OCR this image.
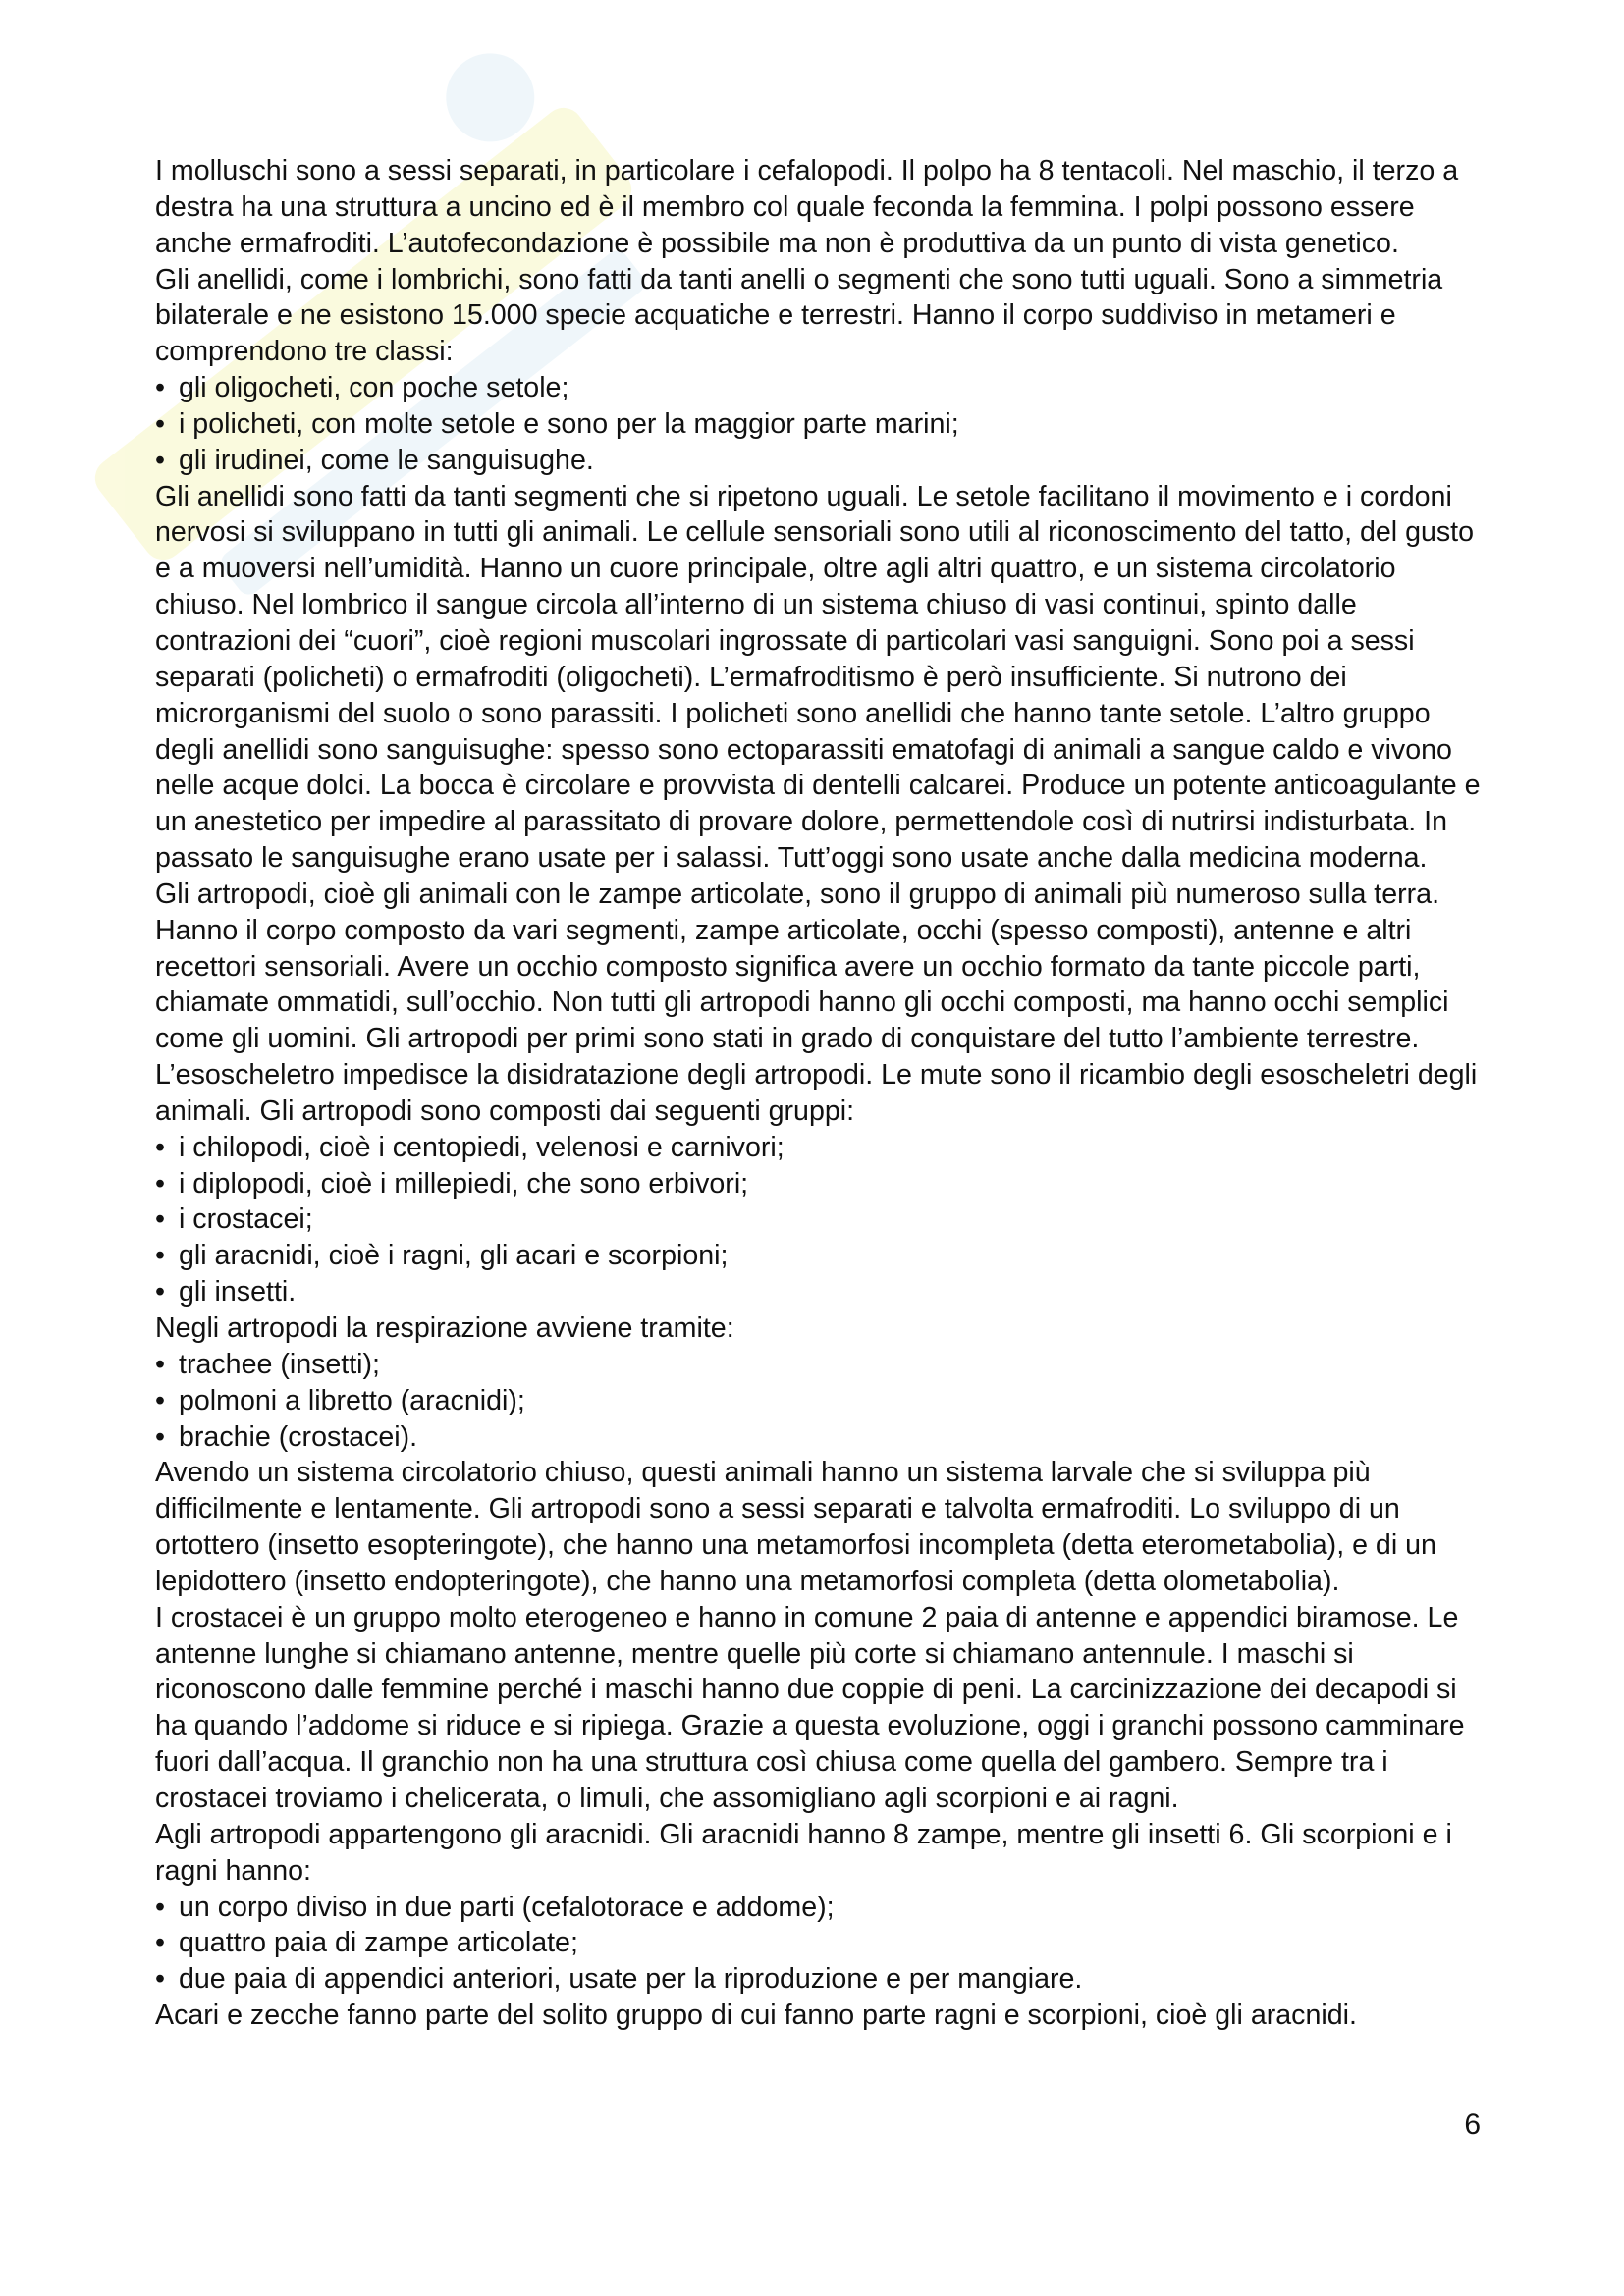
I molluschi sono a sessi separati, in particolare i cefalopodi. Il polpo ha 8 tentacoli. Nel maschio, il terzo a destra ha una struttura a uncino ed è il membro col quale feconda la femmina. I polpi possono essere anche ermafroditi. L’autofecondazione è possibile ma non è produttiva da un punto di vista genetico.

Gli anellidi, come i lombrichi, sono fatti da tanti anelli o segmenti che sono tutti uguali. Sono a simmetria bilaterale e ne esistono 15.000 specie acquatiche e terrestri. Hanno il corpo suddiviso in metameri e comprendono tre classi:

• gli oligocheti, con poche setole;
• i policheti, con molte setole e sono per la maggior parte marini;
• gli irudinei, come le sanguisughe.

Gli anellidi sono fatti da tanti segmenti che si ripetono uguali. Le setole facilitano il movimento e i cordoni nervosi si sviluppano in tutti gli animali. Le cellule sensoriali sono utili al riconoscimento del tatto, del gusto e a muoversi nell’umidità. Hanno un cuore principale, oltre agli altri quattro, e un sistema circolatorio chiuso. Nel lombrico il sangue circola all’interno di un sistema chiuso di vasi continui, spinto dalle contrazioni dei “cuori”, cioè regioni muscolari ingrossate di particolari vasi sanguigni. Sono poi a sessi separati (policheti) o ermafroditi (oligocheti). L’ermafroditismo è però insufficiente. Si nutrono dei microrganismi del suolo o sono parassiti. I policheti sono anellidi che hanno tante setole. L’altro gruppo degli anellidi sono sanguisughe: spesso sono ectoparassiti ematofagi di animali a sangue caldo e vivono nelle acque dolci. La bocca è circolare e provvista di dentelli calcarei. Produce un potente anticoagulante e un anestetico per impedire al parassitato di provare dolore, permettendole così di nutrirsi indisturbata. In passato le sanguisughe erano usate per i salassi. Tutt’oggi sono usate anche dalla medicina moderna.

Gli artropodi, cioè gli animali con le zampe articolate, sono il gruppo di animali più numeroso sulla terra. Hanno il corpo composto da vari segmenti, zampe articolate, occhi (spesso composti), antenne e altri recettori sensoriali. Avere un occhio composto significa avere un occhio formato da tante piccole parti, chiamate ommatidi, sull’occhio. Non tutti gli artropodi hanno gli occhi composti, ma hanno occhi semplici come gli uomini. Gli artropodi per primi sono stati in grado di conquistare del tutto l’ambiente terrestre. L’esoscheletro impedisce la disidratazione degli artropodi. Le mute sono il ricambio degli esoscheletri degli animali. Gli artropodi sono composti dai seguenti gruppi:

• i chilopodi, cioè i centopiedi, velenosi e carnivori;
• i diplopodi, cioè i millepiedi, che sono erbivori;
• i crostacei;
• gli aracnidi, cioè i ragni, gli acari e scorpioni;
• gli insetti.

Negli artropodi la respirazione avviene tramite:

• trachee (insetti);
• polmoni a libretto (aracnidi);
• brachie (crostacei).

Avendo un sistema circolatorio chiuso, questi animali hanno un sistema larvale che si sviluppa più difficilmente e lentamente. Gli artropodi sono a sessi separati e talvolta ermafroditi. Lo sviluppo di un ortottero (insetto esopteringote), che hanno una metamorfosi incompleta (detta eterometabolia), e di un lepidottero (insetto endopteringote), che hanno una metamorfosi completa (detta olometabolia).

I crostacei è un gruppo molto eterogeneo e hanno in comune 2 paia di antenne e appendici biramose. Le antenne lunghe si chiamano antenne, mentre quelle più corte si chiamano antennule. I maschi si riconoscono dalle femmine perché i maschi hanno due coppie di peni. La carcinizzazione dei decapodi si ha quando l’addome si riduce e si ripiega. Grazie a questa evoluzione, oggi i granchi possono camminare fuori dall’acqua. Il granchio non ha una struttura così chiusa come quella del gambero. Sempre tra i crostacei troviamo i chelicerata, o limuli, che assomigliano agli scorpioni e ai ragni.

Agli artropodi appartengono gli aracnidi. Gli aracnidi hanno 8 zampe, mentre gli insetti 6. Gli scorpioni e i ragni hanno:

• un corpo diviso in due parti (cefalotorace e addome);
• quattro paia di zampe articolate;
• due paia di appendici anteriori, usate per la riproduzione e per mangiare.

Acari e zecche fanno parte del solito gruppo di cui fanno parte ragni e scorpioni, cioè gli aracnidi.

6
